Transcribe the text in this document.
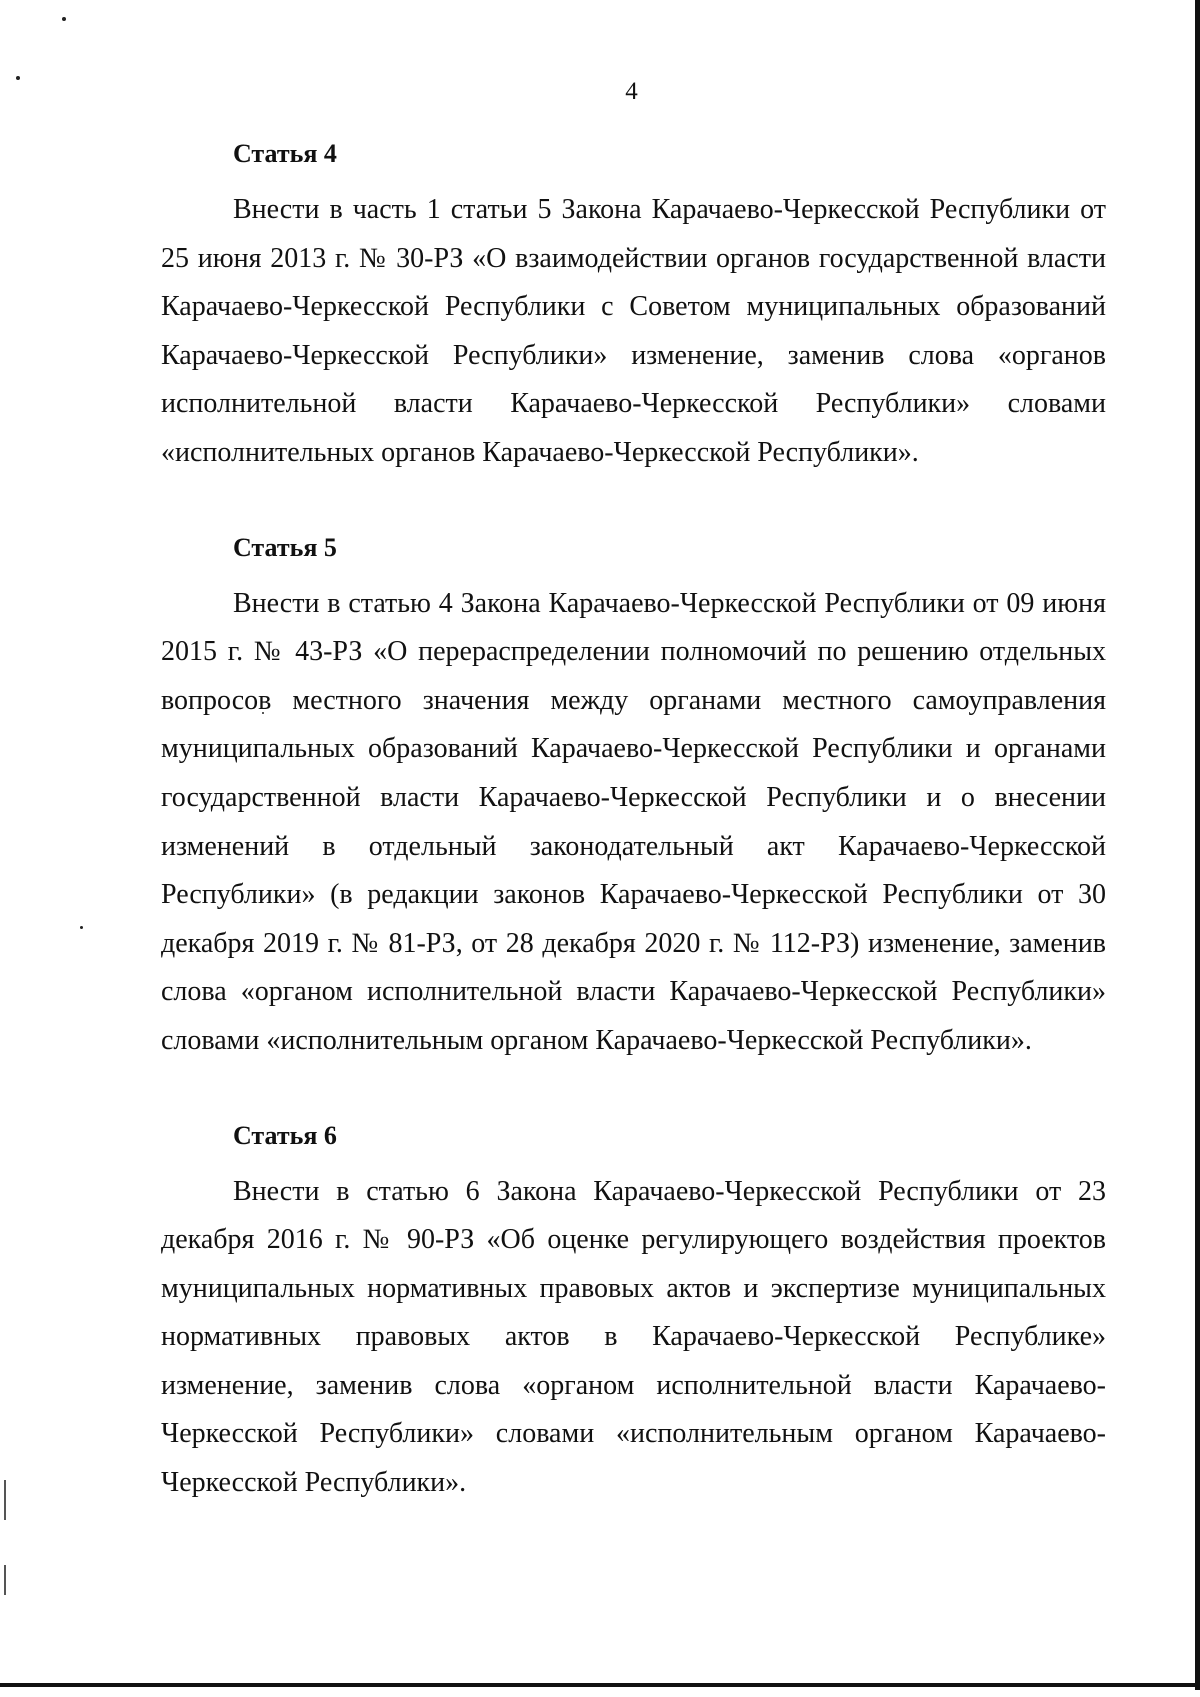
4
Статья 4

Внести в часть 1 статьи 5 Закона Карачаево-Черкесской Республики от 25 июня 2013 г. № 30-РЗ «О взаимодействии органов государственной власти Карачаево-Черкесской Республики с Советом муниципальных образований Карачаево-Черкесской Республики» изменение, заменив слова «органов исполнительной власти Карачаево-Черкесской Республики» словами «исполнительных органов Карачаево-Черкесской Республики».

Статья 5

Внести в статью 4 Закона Карачаево-Черкесской Республики от 09 июня 2015 г. № 43-РЗ «О перераспределении полномочий по решению отдельных вопросов местного значения между органами местного самоуправления муниципальных образований Карачаево-Черкесской Республики и органами государственной власти Карачаево-Черкесской Республики и о внесении изменений в отдельный законодательный акт Карачаево-Черкесской Республики» (в редакции законов Карачаево-Черкесской Республики от 30 декабря 2019 г. № 81-РЗ, от 28 декабря 2020 г. № 112-РЗ) изменение, заменив слова «органом исполнительной власти Карачаево-Черкесской Республики» словами «исполнительным органом Карачаево-Черкесской Республики».

Статья 6

Внести в статью 6 Закона Карачаево-Черкесской Республики от 23 декабря 2016 г. № 90-РЗ «Об оценке регулирующего воздействия проектов муниципальных нормативных правовых актов и экспертизе муниципальных нормативных правовых актов в Карачаево-Черкесской Республике» изменение, заменив слова «органом исполнительной власти Карачаево-Черкесской Республики» словами «исполнительным органом Карачаево-Черкесской Республики».
